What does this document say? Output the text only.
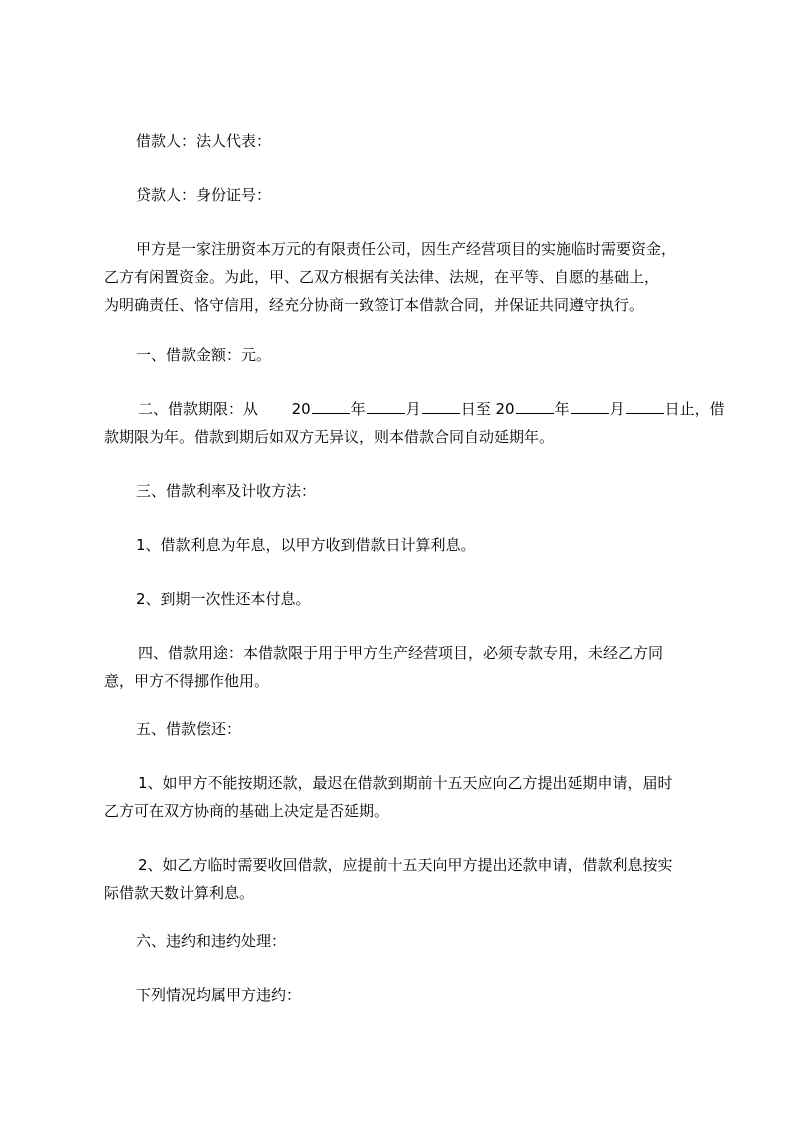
借款人：法人代表：

贷款人：身份证号：

甲方是一家注册资本万元的有限责任公司，因生产经营项目的实施临时需要资金，
乙方有闲置资金。为此，甲、乙双方根据有关法律、法规，在平等、自愿的基础上，
为明确责任、恪守信用，经充分协商一致签订本借款合同，并保证共同遵守执行。

一、借款金额：元。

二、借款期限：从 20	年	月	日至 20	年	月	日止，借
款期限为年。借款到期后如双方无异议，则本借款合同自动延期年。

三、借款利率及计收方法：

1、借款利息为年息，以甲方收到借款日计算利息。

2、到期一次性还本付息。

四、借款用途：本借款限于用于甲方生产经营项目，必须专款专用，未经乙方同
意，甲方不得挪作他用。

五、借款偿还：

1、如甲方不能按期还款，最迟在借款到期前十五天应向乙方提出延期申请，届时
乙方可在双方协商的基础上决定是否延期。

2、如乙方临时需要收回借款，应提前十五天向甲方提出还款申请，借款利息按实
际借款天数计算利息。

六、违约和违约处理：

下列情况均属甲方违约：
